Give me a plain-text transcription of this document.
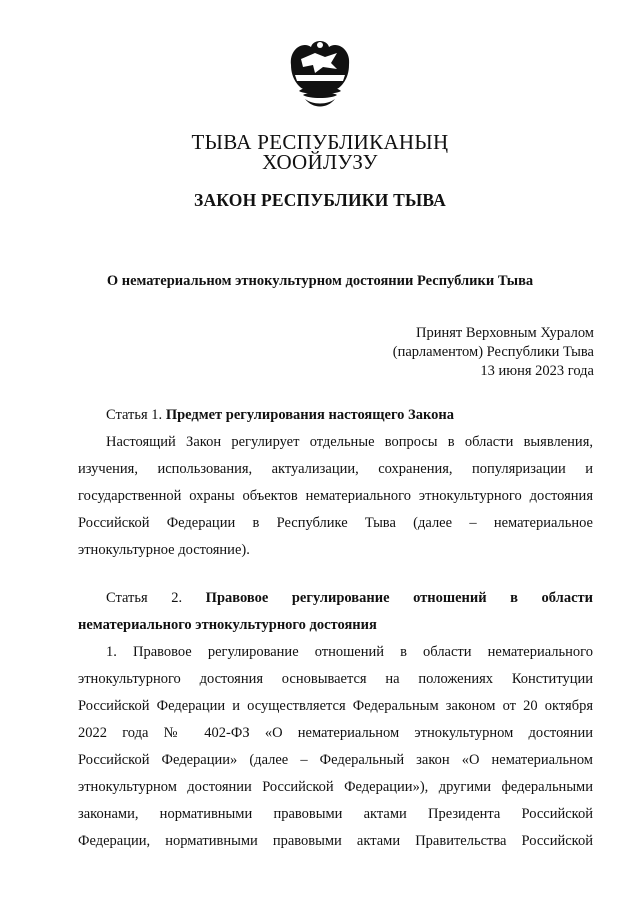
ТЫВА РЕСПУБЛИКАНЫҢ
ХООЙЛУЗУ
ЗАКОН РЕСПУБЛИКИ ТЫВА
О нематериальном этнокультурном достоянии Республики Тыва
Принят Верховным Хуралом
(парламентом) Республики Тыва
13 июня 2023 года
Статья 1. Предмет регулирования настоящего Закона
Настоящий Закон регулирует отдельные вопросы в области выявления,
изучения, использования, актуализации, сохранения, популяризации и
государственной охраны объектов нематериального этнокультурного достояния
Российской Федерации в Республике Тыва (далее – нематериальное
этнокультурное достояние).
Статья 2. Правовое регулирование отношений в области
нематериального этнокультурного достояния
1. Правовое регулирование отношений в области нематериального
этнокультурного достояния основывается на положениях Конституции
Российской Федерации и осуществляется Федеральным законом от 20 октября
2022 года № 402-ФЗ «О нематериальном этнокультурном достоянии
Российской Федерации» (далее – Федеральный закон «О нематериальном
этнокультурном достоянии Российской Федерации»), другими федеральными
законами, нормативными правовыми актами Президента Российской
Федерации, нормативными правовыми актами Правительства Российской
